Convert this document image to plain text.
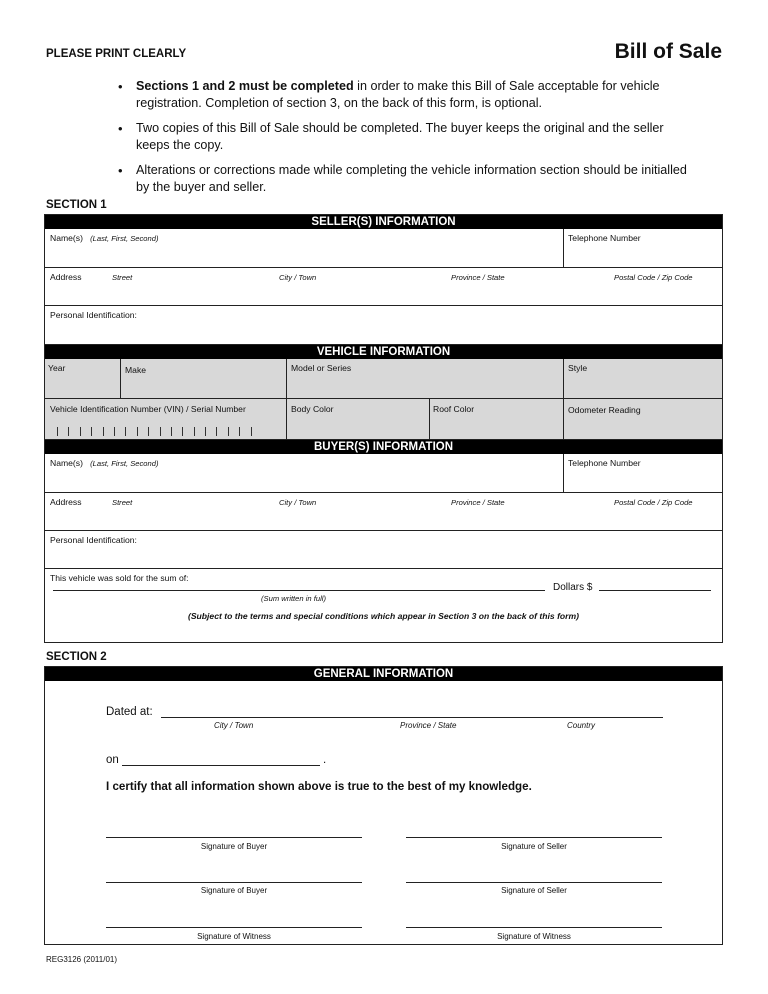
PLEASE PRINT CLEARLY	Bill of Sale
• Sections 1 and 2 must be completed in order to make this Bill of Sale acceptable for vehicle registration. Completion of section 3, on the back of this form, is optional.
• Two copies of this Bill of Sale should be completed. The buyer keeps the original and the seller keeps the copy.
• Alterations or corrections made while completing the vehicle information section should be initialled by the buyer and seller.
SECTION 1
SELLER(S) INFORMATION
Name(s) (Last, First, Second)	Telephone Number
Address	Street	City / Town	Province / State	Postal Code / Zip Code
Personal Identification:
VEHICLE INFORMATION
Year	Make	Model or Series	Style
Vehicle Identification Number (VIN) / Serial Number	Body Color	Roof Color	Odometer Reading
BUYER(S) INFORMATION
Name(s) (Last, First, Second)	Telephone Number
Address	Street	City / Town	Province / State	Postal Code / Zip Code
Personal Identification:
This vehicle was sold for the sum of:
Dollars $
(Sum written in full)
(Subject to the terms and special conditions which appear in Section 3 on the back of this form)
SECTION 2
GENERAL INFORMATION
Dated at:
City / Town	Province / State	Country
on	.
I certify that all information shown above is true to the best of my knowledge.
Signature of Buyer	Signature of Seller
Signature of Buyer	Signature of Seller
Signature of Witness	Signature of Witness
REG3126 (2011/01)
